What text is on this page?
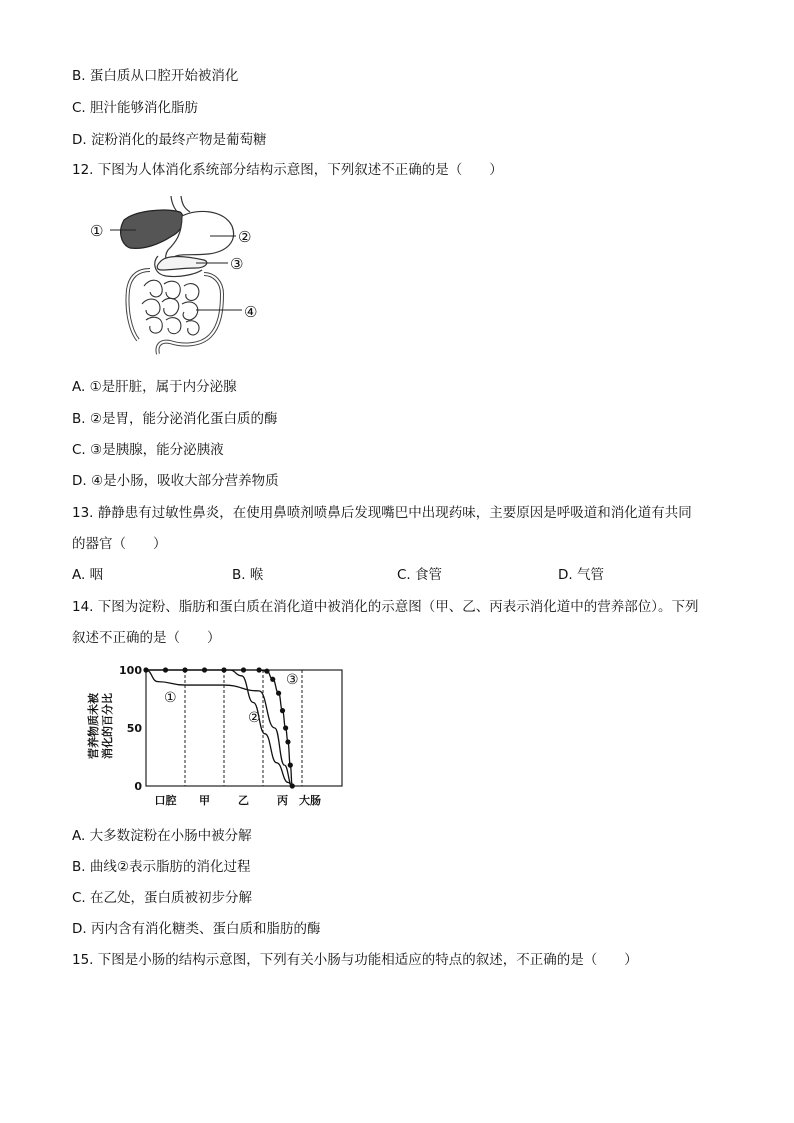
B. 蛋白质从口腔开始被消化
C. 胆汁能够消化脂肪
D. 淀粉消化的最终产物是葡萄糖
12. 下图为人体消化系统部分结构示意图，下列叙述不正确的是（　　）
①	②
③
④
A. ①是肝脏，属于内分泌腺
B. ②是胃，能分泌消化蛋白质的酶
C. ③是胰腺，能分泌胰液
D. ④是小肠，吸收大部分营养物质
13. 静静患有过敏性鼻炎，在使用鼻喷剂喷鼻后发现嘴巴中出现药味，主要原因是呼吸道和消化道有共同
的器官（　　）
A. 咽	B. 喉	C. 食管	D. 气管
14. 下图为淀粉、脂肪和蛋白质在消化道中被消化的示意图（甲、乙、丙表示消化道中的营养部位）。下列
叙述不正确的是（　　）
营养物质未被 消化的百分比
0
50
100
口腔 甲	乙	丙 大肠
①
②
③
A. 大多数淀粉在小肠中被分解
B. 曲线②表示脂肪的消化过程
C. 在乙处，蛋白质被初步分解
D. 丙内含有消化糖类、蛋白质和脂肪的酶
15. 下图是小肠的结构示意图，下列有关小肠与功能相适应的特点的叙述，不正确的是（　　）
